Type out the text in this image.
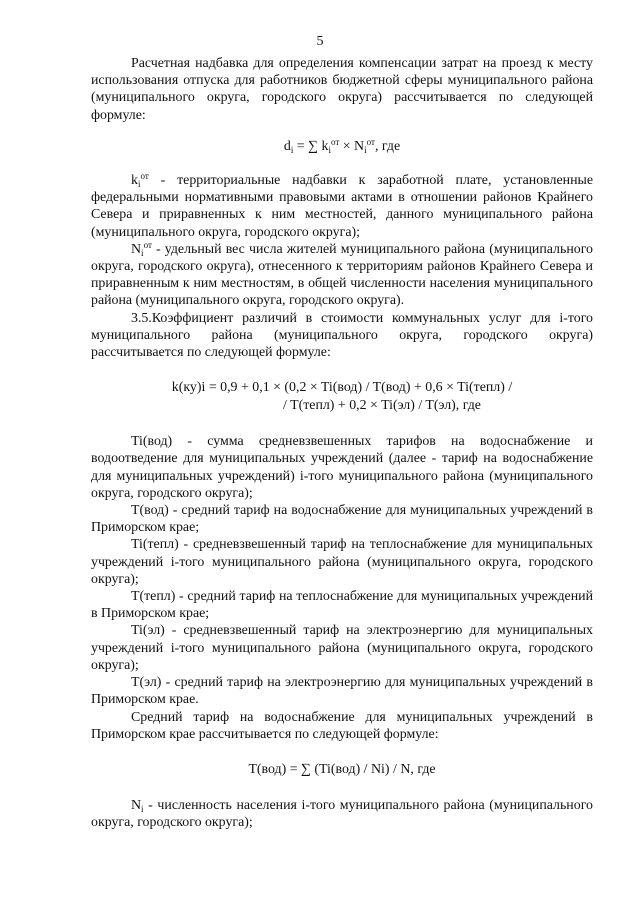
5

Расчетная надбавка для определения компенсации затрат на проезд к месту использования отпуска для работников бюджетной сферы муниципального района (муниципального округа, городского округа) рассчитывается по следующей формуле:

$d_i$ = ∑ $k_i^{от} \times N_i^{от}$, где

$k_i^{от}$ - территориальные надбавки к заработной плате, установленные федеральными нормативными правовыми актами в отношении районов Крайнего Севера и приравненных к ним местностей, данного муниципального района (муниципального округа, городского округа);

$N_i^{от}$ - удельный вес числа жителей муниципального района (муниципального округа, городского округа), отнесенного к территориям районов Крайнего Севера и приравненным к ним местностям, в общей численности населения муниципального района (муниципального округа, городского округа).

3.5.Коэффициент различий в стоимости коммунальных услуг для i-того муниципального района (муниципального округа, городского округа) рассчитывается по следующей формуле:

k(ку)i = 0,9 + 0,1 × (0,2 × Ti(вод) / T(вод) + 0,6 × Ti(тепл) /
/ T(тепл) + 0,2 × Ti(эл) / T(эл), где

Ti(вод) - сумма средневзвешенных тарифов на водоснабжение и водоотведение для муниципальных учреждений (далее - тариф на водоснабжение для муниципальных учреждений) i-того муниципального района (муниципального округа, городского округа);

T(вод) - средний тариф на водоснабжение для муниципальных учреждений в Приморском крае;

Ti(тепл) - средневзвешенный тариф на теплоснабжение для муниципальных учреждений i-того муниципального района (муниципального округа, городского округа);

T(тепл) - средний тариф на теплоснабжение для муниципальных учреждений в Приморском крае;

Ti(эл) - средневзвешенный тариф на электроэнергию для муниципальных учреждений i-того муниципального района (муниципального округа, городского округа);

T(эл) - средний тариф на электроэнергию для муниципальных учреждений в Приморском крае.

Средний тариф на водоснабжение для муниципальных учреждений в Приморском крае рассчитывается по следующей формуле:

T(вод) = ∑ (Ti(вод) / Ni) / N, где

$N_i$ - численность населения i-того муниципального района (муниципального округа, городского округа);
